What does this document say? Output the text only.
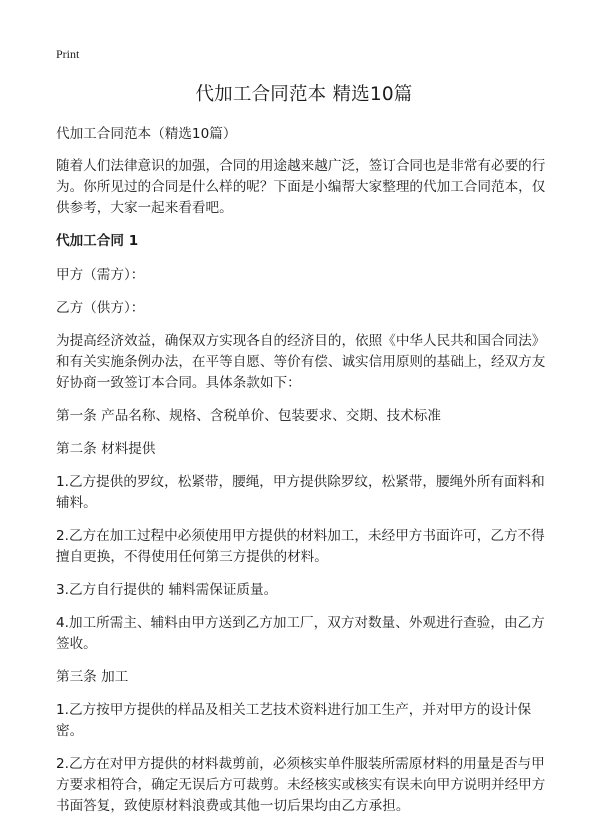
Print
代加工合同范本 精选10篇

代加工合同范本（精选10篇）

随着人们法律意识的加强，合同的用途越来越广泛，签订合同也是非常有必要的行为。你所见过的合同是什么样的呢？下面是小编帮大家整理的代加工合同范本，仅供参考，大家一起来看看吧。

代加工合同 1

甲方（需方）：

乙方（供方）：

为提高经济效益，确保双方实现各自的经济目的，依照《中华人民共和国合同法》和有关实施条例办法，在平等自愿、等价有偿、诚实信用原则的基础上，经双方友好协商一致签订本合同。具体条款如下：

第一条 产品名称、规格、含税单价、包装要求、交期、技术标准

第二条 材料提供

1.乙方提供的罗纹，松紧带，腰绳，甲方提供除罗纹，松紧带，腰绳外所有面料和辅料。

2.乙方在加工过程中必须使用甲方提供的材料加工，未经甲方书面许可，乙方不得擅自更换，不得使用任何第三方提供的材料。

3.乙方自行提供的 辅料需保证质量。

4.加工所需主、辅料由甲方送到乙方加工厂，双方对数量、外观进行查验，由乙方签收。

第三条 加工

1.乙方按甲方提供的样品及相关工艺技术资料进行加工生产，并对甲方的设计保密。

2.乙方在对甲方提供的材料裁剪前，必须核实单件服装所需原材料的用量是否与甲方要求相符合，确定无误后方可裁剪。未经核实或核实有误未向甲方说明并经甲方书面答复，致使原材料浪费或其他一切后果均由乙方承担。
